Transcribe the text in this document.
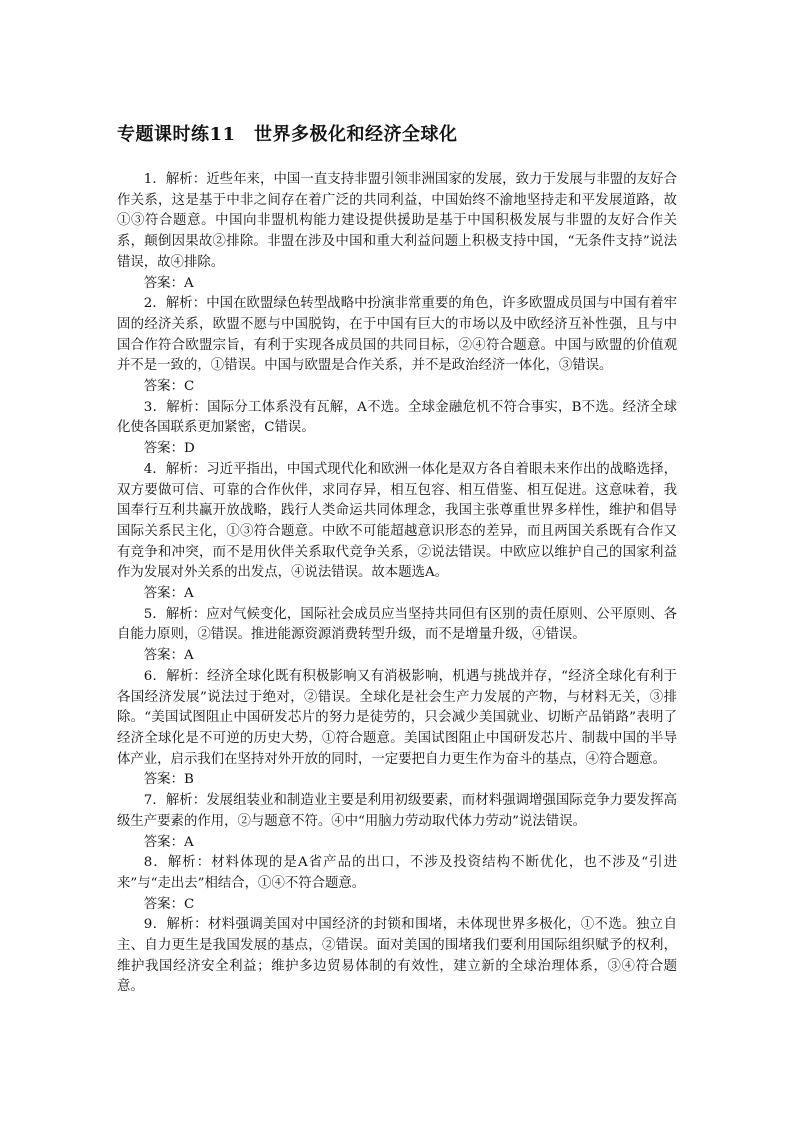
专题课时练11　世界多极化和经济全球化

1．解析：近些年来，中国一直支持非盟引领非洲国家的发展，致力于发展与非盟的友好合作关系，这是基于中非之间存在着广泛的共同利益，中国始终不渝地坚持走和平发展道路，故①③符合题意。中国向非盟机构能力建设提供援助是基于中国积极发展与非盟的友好合作关系，颠倒因果故②排除。非盟在涉及中国和重大利益问题上积极支持中国，“无条件支持”说法错误，故④排除。

答案：A

2．解析：中国在欧盟绿色转型战略中扮演非常重要的角色，许多欧盟成员国与中国有着牢固的经济关系，欧盟不愿与中国脱钩，在于中国有巨大的市场以及中欧经济互补性强，且与中国合作符合欧盟宗旨，有利于实现各成员国的共同目标，②④符合题意。中国与欧盟的价值观并不是一致的，①错误。中国与欧盟是合作关系，并不是政治经济一体化，③错误。

答案：C

3．解析：国际分工体系没有瓦解，A不选。全球金融危机不符合事实，B不选。经济全球化使各国联系更加紧密，C错误。

答案：D

4．解析：习近平指出，中国式现代化和欧洲一体化是双方各自着眼未来作出的战略选择，双方要做可信、可靠的合作伙伴，求同存异，相互包容、相互借鉴、相互促进。这意味着，我国奉行互利共赢开放战略，践行人类命运共同体理念，我国主张尊重世界多样性，维护和倡导国际关系民主化，①③符合题意。中欧不可能超越意识形态的差异，而且两国关系既有合作又有竞争和冲突，而不是用伙伴关系取代竞争关系，②说法错误。中欧应以维护自己的国家利益作为发展对外关系的出发点，④说法错误。故本题选A。

答案：A

5．解析：应对气候变化，国际社会成员应当坚持共同但有区别的责任原则、公平原则、各自能力原则，②错误。推进能源资源消费转型升级，而不是增量升级，④错误。

答案：A

6．解析：经济全球化既有积极影响又有消极影响，机遇与挑战并存，“经济全球化有利于各国经济发展”说法过于绝对，②错误。全球化是社会生产力发展的产物，与材料无关，③排除。“美国试图阻止中国研发芯片的努力是徒劳的，只会减少美国就业、切断产品销路”表明了经济全球化是不可逆的历史大势，①符合题意。美国试图阻止中国研发芯片、制裁中国的半导体产业，启示我们在坚持对外开放的同时，一定要把自力更生作为奋斗的基点，④符合题意。

答案：B

7．解析：发展组装业和制造业主要是利用初级要素，而材料强调增强国际竞争力要发挥高级生产要素的作用，②与题意不符。④中“用脑力劳动取代体力劳动”说法错误。

答案：A

8．解析：材料体现的是A省产品的出口，不涉及投资结构不断优化，也不涉及“引进来”与“走出去”相结合，①④不符合题意。

答案：C

9．解析：材料强调美国对中国经济的封锁和围堵，未体现世界多极化，①不选。独立自主、自力更生是我国发展的基点，②错误。面对美国的围堵我们要利用国际组织赋予的权利，维护我国经济安全利益；维护多边贸易体制的有效性，建立新的全球治理体系，③④符合题意。
